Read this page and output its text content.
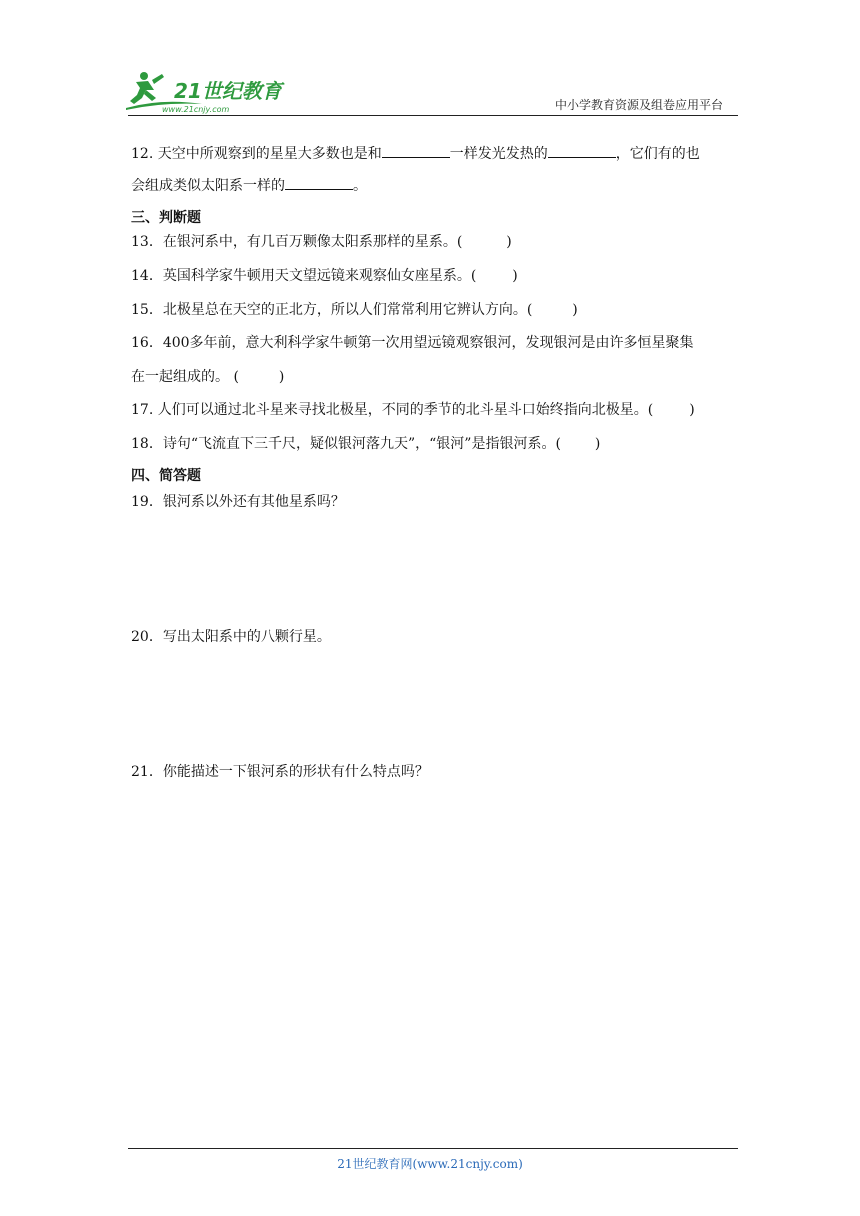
21世纪教育
www.21cnjy.com	中小学教育资源及组卷应用平台
12. 天空中所观察到的星星大多数也是和	一样发光发热的	，它们有的也
会组成类似太阳系一样的	。
三、判断题
13．在银河系中，有几百万颗像太阳系那样的星系。(	)
14．英国科学家牛顿用天文望远镜来观察仙女座星系。(	)
15．北极星总在天空的正北方，所以人们常常利用它辨认方向。(	)
16．400多年前，意大利科学家牛顿第一次用望远镜观察银河，发现银河是由许多恒星聚集
在一起组成的。 (	)
17. 人们可以通过北斗星来寻找北极星，不同的季节的北斗星斗口始终指向北极星。(	)
18．诗句“飞流直下三千尺，疑似银河落九天”，“银河”是指银河系。( )
四、简答题
19．银河系以外还有其他星系吗？
20．写出太阳系中的八颗行星。
21．你能描述一下银河系的形状有什么特点吗？
21世纪教育网(www.21cnjy.com)
